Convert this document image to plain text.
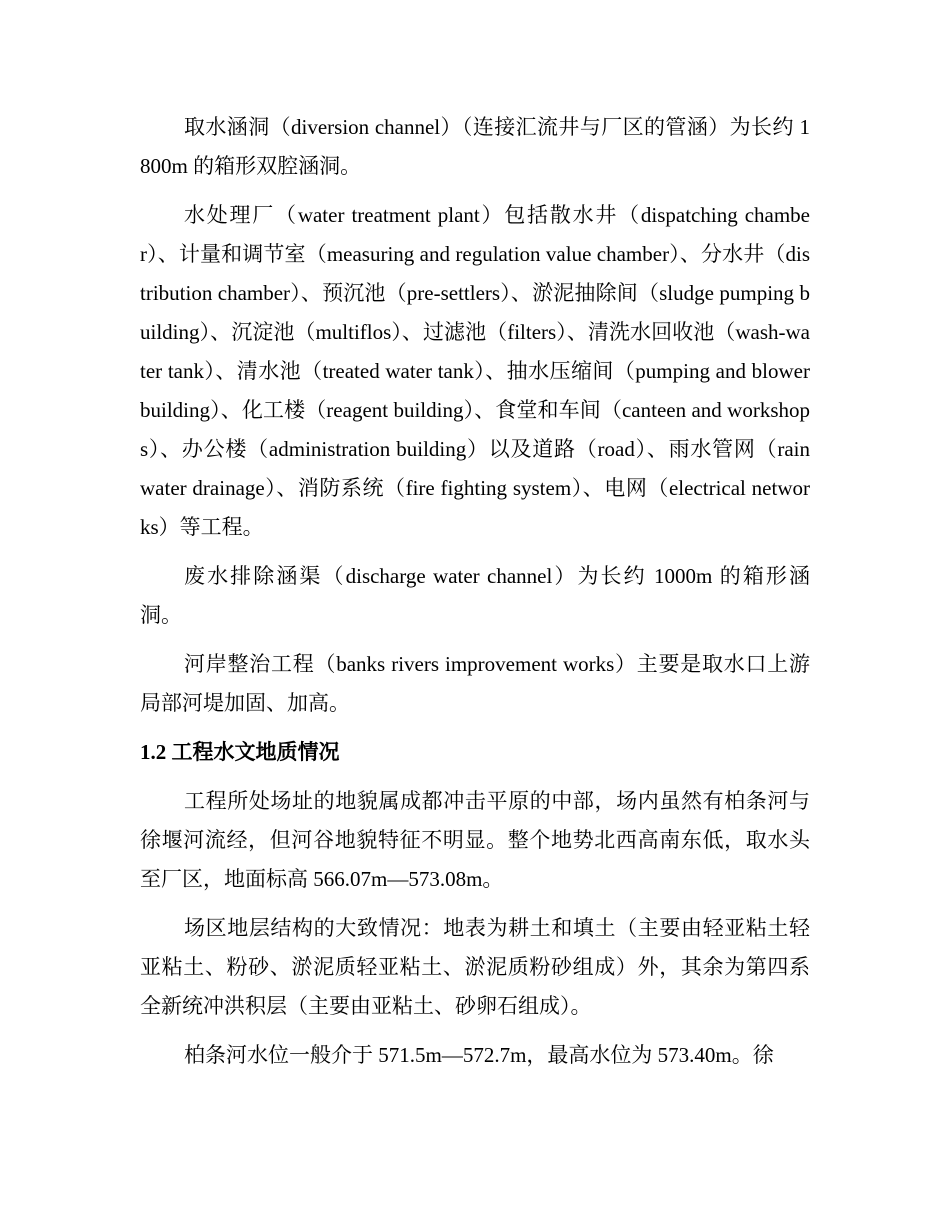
取水涵洞（diversion channel）（连接汇流井与厂区的管涵）为长约 1800m 的箱形双腔涵洞。

水处理厂（water treatment plant）包括散水井（dispatching chamber）、计量和调节室（measuring and regulation value chamber）、分水井（distribution chamber）、预沉池（pre-settlers）、淤泥抽除间（sludge pumping building）、沉淀池（multiflos）、过滤池（filters）、清洗水回收池（wash-water tank）、清水池（treated water tank）、抽水压缩间（pumping and blower building）、化工楼（reagent building）、食堂和车间（canteen and workshops）、办公楼（administration building）以及道路（road）、雨水管网（rain water drainage）、消防系统（fire fighting system）、电网（electrical networks）等工程。

废水排除涵渠（discharge water channel）为长约 1000m 的箱形涵洞。

河岸整治工程（banks rivers improvement works）主要是取水口上游局部河堤加固、加高。

1.2 工程水文地质情况

工程所处场址的地貌属成都冲击平原的中部，场内虽然有柏条河与徐堰河流经，但河谷地貌特征不明显。整个地势北西高南东低，取水头至厂区，地面标高 566.07m—573.08m。

场区地层结构的大致情况：地表为耕土和填土（主要由轻亚粘土轻亚粘土、粉砂、淤泥质轻亚粘土、淤泥质粉砂组成）外，其余为第四系全新统冲洪积层（主要由亚粘土、砂卵石组成）。

柏条河水位一般介于 571.5m—572.7m，最高水位为 573.40m。徐
